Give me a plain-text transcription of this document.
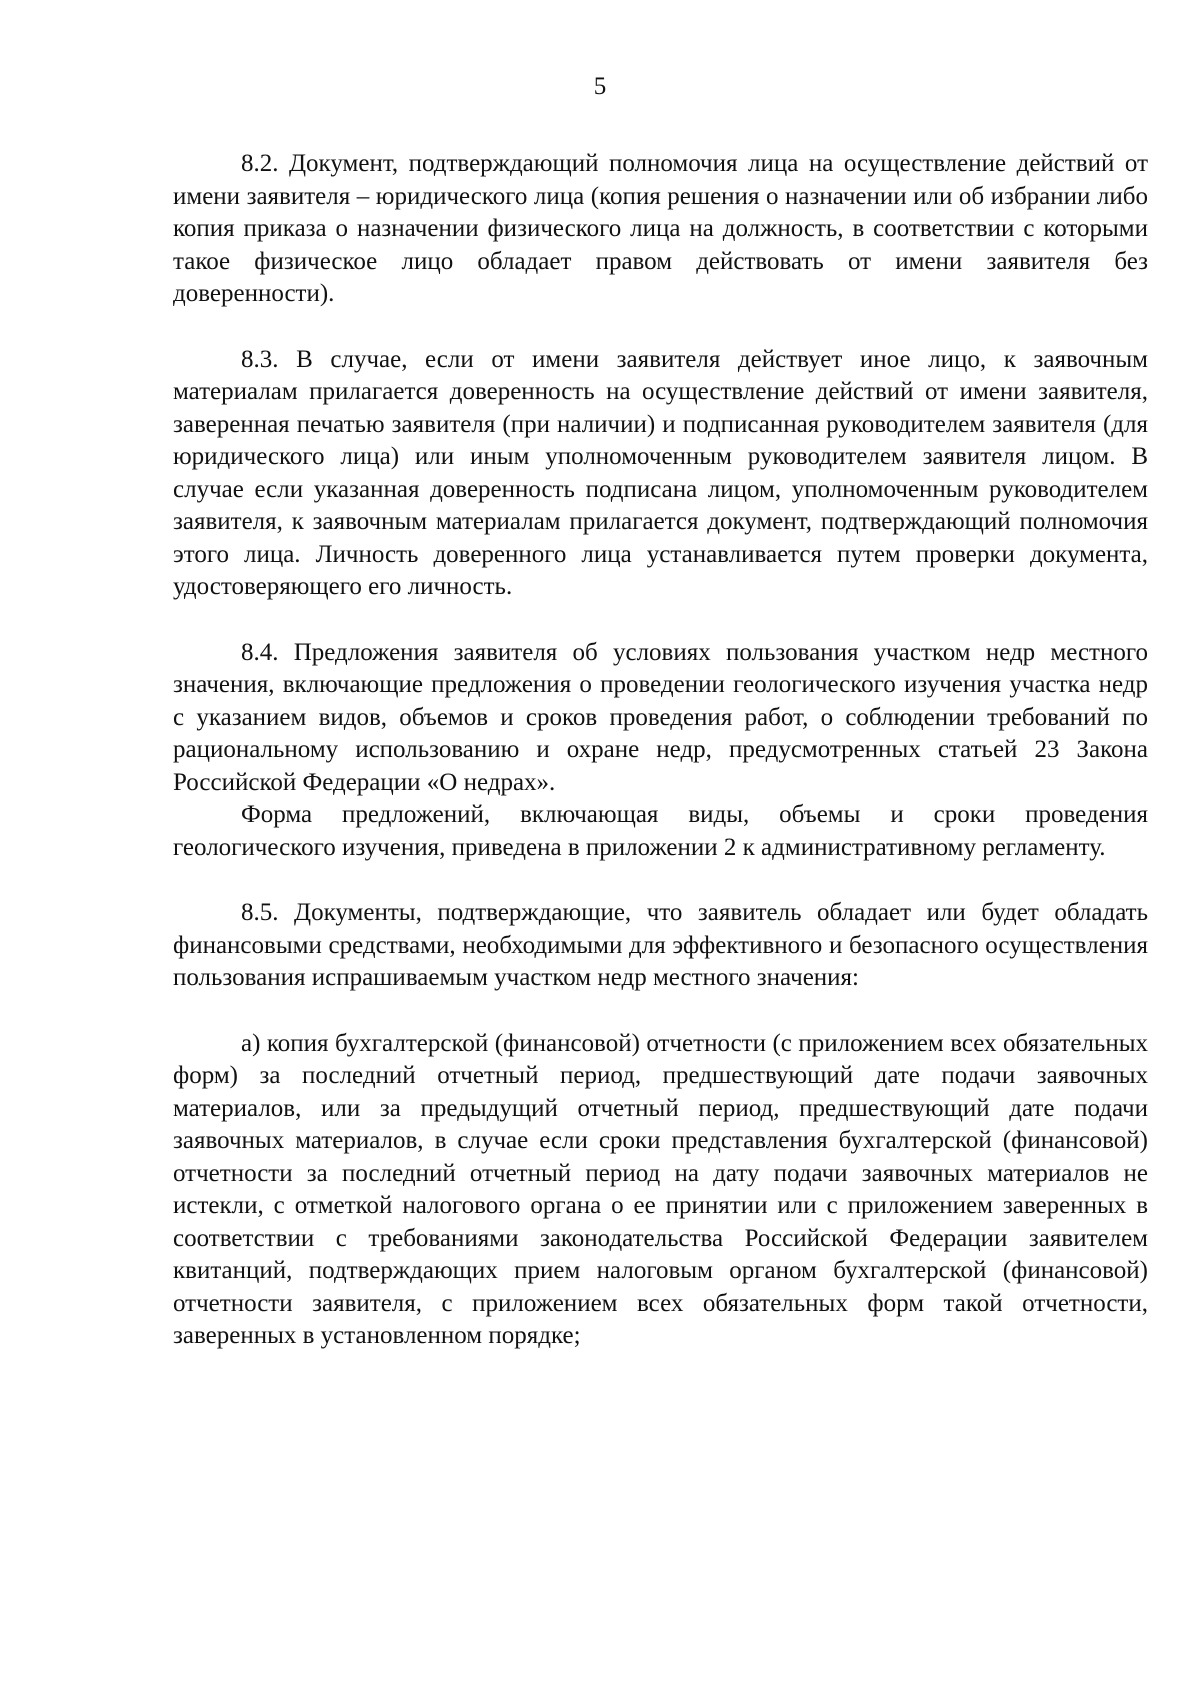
5

8.2. Документ, подтверждающий полномочия лица на осуществление действий от имени заявителя – юридического лица (копия решения о назначении или об избрании либо копия приказа о назначении физического лица на должность, в соответствии с которыми такое физическое лицо обладает правом действовать от имени заявителя без доверенности).

8.3. В случае, если от имени заявителя действует иное лицо, к заявочным материалам прилагается доверенность на осуществление действий от имени заявителя, заверенная печатью заявителя (при наличии) и подписанная руководителем заявителя (для юридического лица) или иным уполномоченным руководителем заявителя лицом. В случае если указанная доверенность подписана лицом, уполномоченным руководителем заявителя, к заявочным материалам прилагается документ, подтверждающий полномочия этого лица. Личность доверенного лица устанавливается путем проверки документа, удостоверяющего его личность.

8.4. Предложения заявителя об условиях пользования участком недр местного значения, включающие предложения о проведении геологического изучения участка недр с указанием видов, объемов и сроков проведения работ, о соблюдении требований по рациональному использованию и охране недр, предусмотренных статьей 23 Закона Российской Федерации «О недрах».

Форма предложений, включающая виды, объемы и сроки проведения геологического изучения, приведена в приложении 2 к административному регламенту.

8.5. Документы, подтверждающие, что заявитель обладает или будет обладать финансовыми средствами, необходимыми для эффективного и безопасного осуществления пользования испрашиваемым участком недр местного значения:

а) копия бухгалтерской (финансовой) отчетности (с приложением всех обязательных форм) за последний отчетный период, предшествующий дате подачи заявочных материалов, или за предыдущий отчетный период, предшествующий дате подачи заявочных материалов, в случае если сроки представления бухгалтерской (финансовой) отчетности за последний отчетный период на дату подачи заявочных материалов не истекли, с отметкой налогового органа о ее принятии или с приложением заверенных в соответствии с требованиями законодательства Российской Федерации заявителем квитанций, подтверждающих прием налоговым органом бухгалтерской (финансовой) отчетности заявителя, с приложением всех обязательных форм такой отчетности, заверенных в установленном порядке;
